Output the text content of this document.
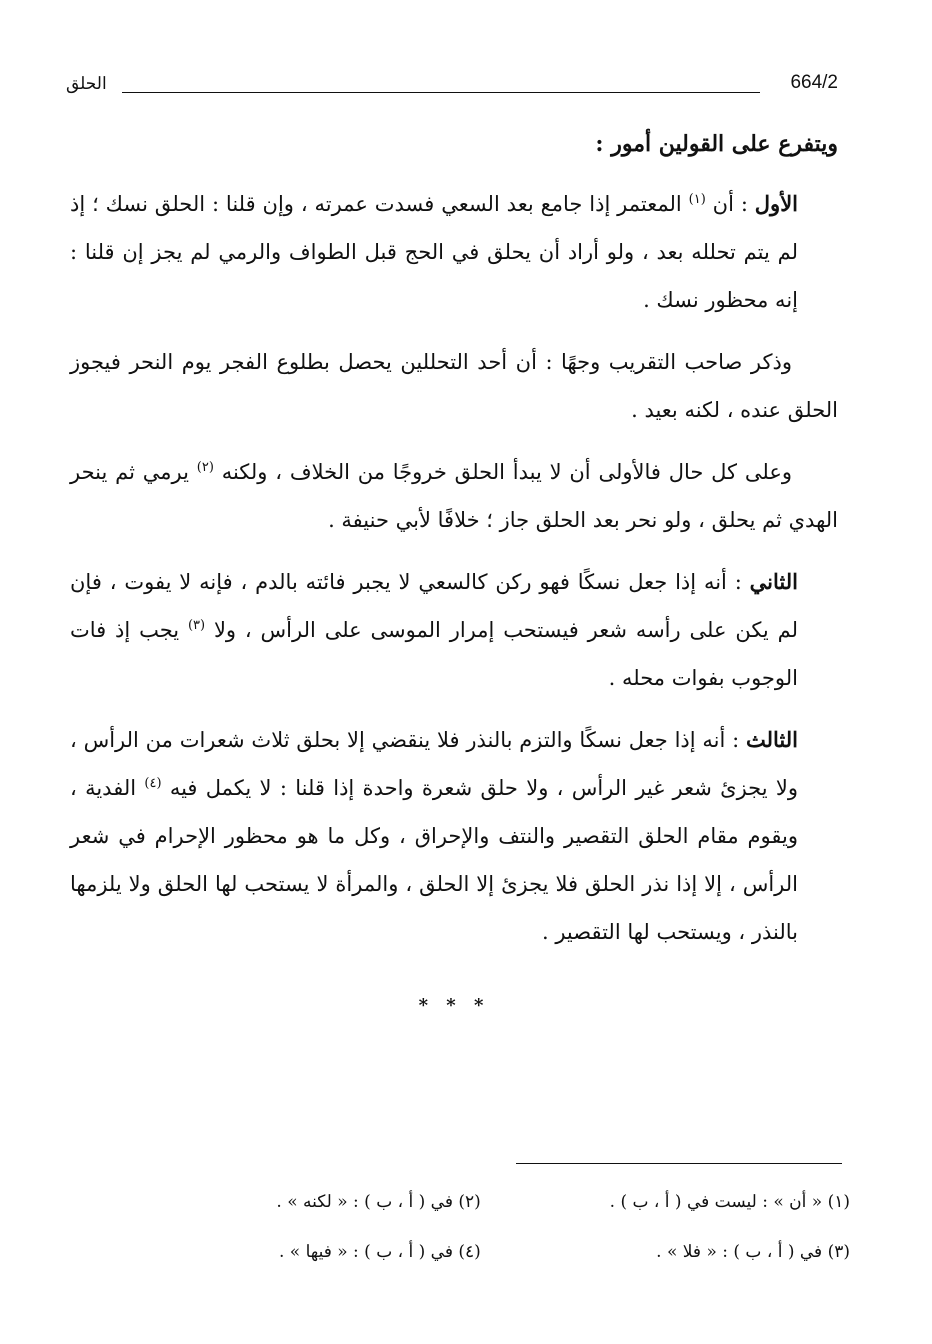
664/2
الحلق
ويتفرع على القولين أمور :

الأول : أن $^{(١)}$ المعتمر إذا جامع بعد السعي فسدت عمرته ، وإن قلنا : الحلق نسك ؛ إذ لم يتم تحلله بعد ، ولو أراد أن يحلق في الحج قبل الطواف والرمي لم يجز إن قلنا : إنه محظور نسك .

وذكر صاحب التقريب وجهًا : أن أحد التحللين يحصل بطلوع الفجر يوم النحر فيجوز الحلق عنده ، لكنه بعيد .

وعلى كل حال فالأولى أن لا يبدأ الحلق خروجًا من الخلاف ، ولكنه $^{(٢)}$ يرمي ثم ينحر الهدي ثم يحلق ، ولو نحر بعد الحلق جاز ؛ خلافًا لأبي حنيفة .

الثاني : أنه إذا جعل نسكًا فهو ركن كالسعي لا يجبر فائته بالدم ، فإنه لا يفوت ، فإن لم يكن على رأسه شعر فيستحب إمرار الموسى على الرأس ، ولا $^{(٣)}$ يجب إذ فات الوجوب بفوات محله .

الثالث : أنه إذا جعل نسكًا والتزم بالنذر فلا ينقضي إلا بحلق ثلاث شعرات من الرأس ، ولا يجزئ شعر غير الرأس ، ولا حلق شعرة واحدة إذا قلنا : لا يكمل فيه $^{(٤)}$ الفدية ، ويقوم مقام الحلق التقصير والنتف والإحراق ، وكل ما هو محظور الإحرام في شعر الرأس ، إلا إذا نذر الحلق فلا يجزئ إلا الحلق ، والمرأة لا يستحب لها الحلق ولا يلزمها بالنذر ، ويستحب لها التقصير .

* * *
(١) « أن » : ليست في ( أ ، ب ) .
(٢) في ( أ ، ب ) : « لكنه » .
(٣) في ( أ ، ب ) : « فلا » .
(٤) في ( أ ، ب ) : « فيها » .
